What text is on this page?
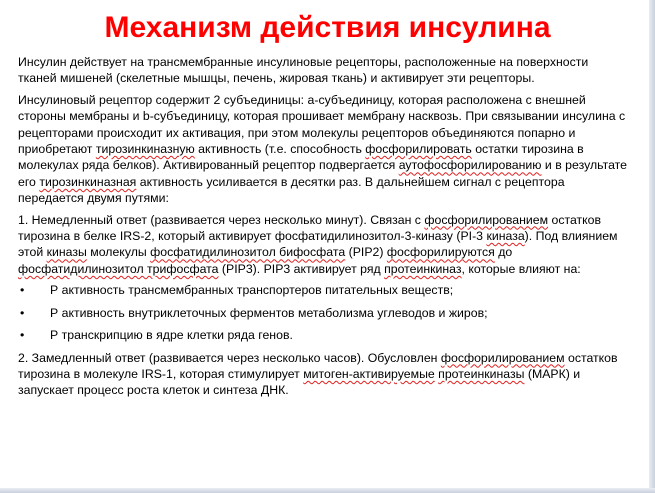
Механизм действия инсулина

Инсулин действует на трансмембранные инсулиновые рецепторы, расположенные на поверхности тканей мишеней (скелетные мышцы, печень, жировая ткань) и активирует эти рецепторы.

Инсулиновый рецептор содержит 2 субъединицы: а-субъединицу, которая расположена с внешней стороны мембраны и b-субъединицу, которая прошивает мембрану насквозь. При связывании инсулина с рецепторами происходит их активация, при этом молекулы рецепторов объединяются попарно и приобретают тирозинкиназную активность (т.е. способность фосфорилировать остатки тирозина в молекулах ряда белков). Активированный рецептор подвергается аутофосфорилированию и в результате его тирозинкиназная активность усиливается в десятки раз. В дальнейшем сигнал с рецептора передается двумя путями:

1. Немедленный ответ (развивается через несколько минут). Связан с фосфорилированием остатков тирозина в белке IRS-2, который активирует фосфатидилинозитол-3-киназу (PI-3 киназа). Под влиянием этой киназы молекулы фосфатидилинозитол бифосфата (PIP2) фосфорилируются до фосфатидилинозитол трифосфата (PIP3). PIP3 активирует ряд протеинкиназ, которые влияют на:

• Р активность трансмембранных транспортеров питательных веществ;
• Р активность внутриклеточных ферментов метаболизма углеводов и жиров;
• Р транскрипцию в ядре клетки ряда генов.

2. Замедленный ответ (развивается через несколько часов). Обусловлен фосфорилированием остатков тирозина в молекуле IRS-1, которая стимулирует митоген-активируемые протеинкиназы (МАРК) и запускает процесс роста клеток и синтеза ДНК.
